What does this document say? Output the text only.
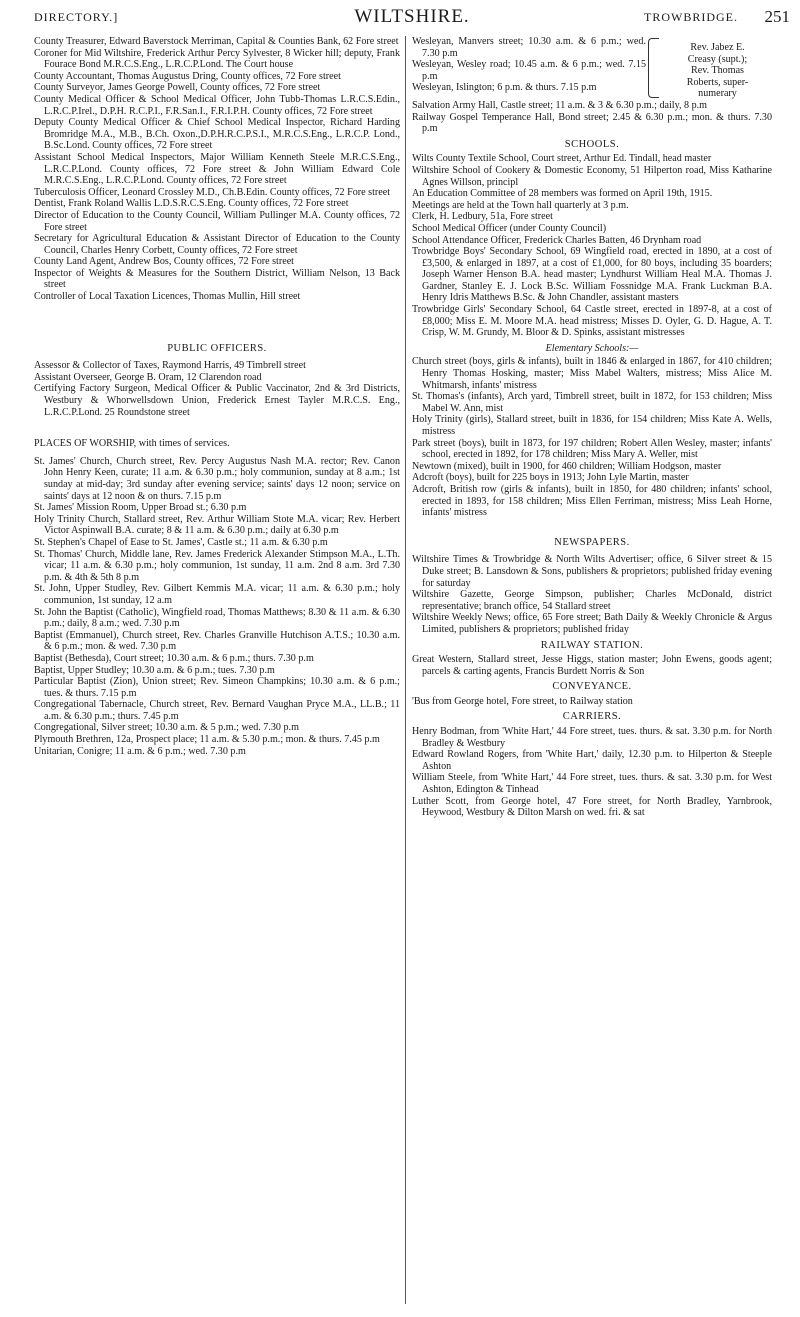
DIRECTORY.]	WILTSHIRE.	TROWBRIDGE. 251

County Treasurer, Edward Baverstock Merriman, Capital & Counties Bank, 62 Fore street

Coroner for Mid Wiltshire, Frederick Arthur Percy Sylvester, 8 Wicker hill; deputy, Frank Fourace Bond M.R.C.S.Eng., L.R.C.P.Lond. The Court house

County Accountant, Thomas Augustus Dring, County offices, 72 Fore street

County Surveyor, James George Powell, County offices, 72 Fore street

County Medical Officer & School Medical Officer, John Tubb-Thomas L.R.C.S.Edin., L.R.C.P.Irel., D.P.H. R.C.P.I., F.R.San.I., F.R.I.P.H. County offices, 72 Fore street

Deputy County Medical Officer & Chief School Medical Inspector, Richard Harding Bromridge M.A., M.B., B.Ch. Oxon.,D.P.H.R.C.P.S.I., M.R.C.S.Eng., L.R.C.P. Lond., B.Sc.Lond. County offices, 72 Fore street

Assistant School Medical Inspectors, Major William Kenneth Steele M.R.C.S.Eng., L.R.C.P.Lond. County offices, 72 Fore street & John William Edward Cole M.R.C.S.Eng., L.R.C.P.Lond. County offices, 72 Fore street

Tuberculosis Officer, Leonard Crossley M.D., Ch.B.Edin. County offices, 72 Fore street

Dentist, Frank Roland Wallis L.D.S.R.C.S.Eng. County offices, 72 Fore street

Director of Education to the County Council, William Pullinger M.A. County offices, 72 Fore street

Secretary for Agricultural Education & Assistant Director of Education to the County Council, Charles Henry Corbett, County offices, 72 Fore street

County Land Agent, Andrew Bos, County offices, 72 Fore street

Inspector of Weights & Measures for the Southern District, William Nelson, 13 Back street

Controller of Local Taxation Licences, Thomas Mullin, Hill street

PUBLIC OFFICERS.

Assessor & Collector of Taxes, Raymond Harris, 49 Timbrell street

Assistant Overseer, George B. Oram, 12 Clarendon road

Certifying Factory Surgeon, Medical Officer & Public Vaccinator, 2nd & 3rd Districts, Westbury & Whorwellsdown Union, Frederick Ernest Tayler M.R.C.S. Eng., L.R.C.P.Lond. 25 Roundstone street

PLACES OF WORSHIP, with times of services.

St. James' Church, Church street, Rev. Percy Augustus Nash M.A. rector; Rev. Canon John Henry Keen, curate; 11 a.m. & 6.30 p.m.; holy communion, sunday at 8 a.m.; 1st sunday at mid-day; 3rd sunday after evening service; saints' days 12 noon; service on saints' days at 12 noon & on thurs. 7.15 p.m

St. James' Mission Room, Upper Broad st.; 6.30 p.m

Holy Trinity Church, Stallard street, Rev. Arthur William Stote M.A. vicar; Rev. Herbert Victor Aspinwall B.A. curate; 8 & 11 a.m. & 6.30 p.m.; daily at 6.30 p.m

St. Stephen's Chapel of Ease to St. James', Castle st.; 11 a.m. & 6.30 p.m

St. Thomas' Church, Middle lane, Rev. James Frederick Alexander Stimpson M.A., L.Th. vicar; 11 a.m. & 6.30 p.m.; holy communion, 1st sunday, 11 a.m. 2nd 8 a.m. 3rd 7.30 p.m. & 4th & 5th 8 p.m

St. John, Upper Studley, Rev. Gilbert Kemmis M.A. vicar; 11 a.m. & 6.30 p.m.; holy communion, 1st sunday, 12 a.m

St. John the Baptist (Catholic), Wingfield road, Thomas Matthews; 8.30 & 11 a.m. & 6.30 p.m.; daily, 8 a.m.; wed. 7.30 p.m

Baptist (Emmanuel), Church street, Rev. Charles Granville Hutchison A.T.S.; 10.30 a.m. & 6 p.m.; mon. & wed. 7.30 p.m

Baptist (Bethesda), Court street; 10.30 a.m. & 6 p.m.; thurs. 7.30 p.m

Baptist, Upper Studley; 10.30 a.m. & 6 p.m.; tues. 7.30 p.m

Particular Baptist (Zion), Union street; Rev. Simeon Champkins; 10.30 a.m. & 6 p.m.; tues. & thurs. 7.15 p.m

Congregational Tabernacle, Church street, Rev. Bernard Vaughan Pryce M.A., LL.B.; 11 a.m. & 6.30 p.m.; thurs. 7.45 p.m

Congregational, Silver street; 10.30 a.m. & 5 p.m.; wed. 7.30 p.m

Plymouth Brethren, 12a, Prospect place; 11 a.m. & 5.30 p.m.; mon. & thurs. 7.45 p.m

Unitarian, Conigre; 11 a.m. & 6 p.m.; wed. 7.30 p.m

Wesleyan, Manvers street; 10.30 a.m. & 6 p.m.; wed. 7.30 p.m

Wesleyan, Wesley road; 10.45 a.m. & 6 p.m.; wed. 7.15 p.m

Wesleyan, Islington; 6 p.m. & thurs. 7.15 p.m

Rev. Jabez E.
Creasy (supt.);
Rev. Thomas
Roberts, super-
numerary

Salvation Army Hall, Castle street; 11 a.m. & 3 & 6.30 p.m.; daily, 8 p.m

Railway Gospel Temperance Hall, Bond street; 2.45 & 6.30 p.m.; mon. & thurs. 7.30 p.m

SCHOOLS.

Wilts County Textile School, Court street, Arthur Ed. Tindall, head master

Wiltshire School of Cookery & Domestic Economy, 51 Hilperton road, Miss Katharine Agnes Willson, principl

An Education Committee of 28 members was formed on April 19th, 1915.

Meetings are held at the Town hall quarterly at 3 p.m.

Clerk, H. Ledbury, 51a, Fore street

School Medical Officer (under County Council)

School Attendance Officer, Frederick Charles Batten, 46 Drynham road

Trowbridge Boys' Secondary School, 69 Wingfield road, erected in 1890, at a cost of £3,500, & enlarged in 1897, at a cost of £1,000, for 80 boys, including 35 boarders; Joseph Warner Henson B.A. head master; Lyndhurst William Heal M.A. Thomas J. Gardner, Stanley E. J. Lock B.Sc. William Fossnidge M.A. Frank Luckman B.A. Henry Idris Matthews B.Sc. & John Chandler, assistant masters

Trowbridge Girls' Secondary School, 64 Castle street, erected in 1897-8, at a cost of £8,000; Miss E. M. Moore M.A. head mistress; Misses D. Oyler, G. D. Hague, A. T. Crisp, W. M. Grundy, M. Bloor & D. Spinks, assistant mistresses

Elementary Schools:—

Church street (boys, girls & infants), built in 1846 & enlarged in 1867, for 410 children; Henry Thomas Hosking, master; Miss Mabel Walters, mistress; Miss Alice M. Whitmarsh, infants' mistress

St. Thomas's (infants), Arch yard, Timbrell street, built in 1872, for 153 children; Miss Mabel W. Ann, mist

Holy Trinity (girls), Stallard street, built in 1836, for 154 children; Miss Kate A. Wells, mistress

Park street (boys), built in 1873, for 197 children; Robert Allen Wesley, master; infants' school, erected in 1892, for 178 children; Miss Mary A. Weller, mist

Newtown (mixed), built in 1900, for 460 children; William Hodgson, master

Adcroft (boys), built for 225 boys in 1913; John Lyle Martin, master

Adcroft, British row (girls & infants), built in 1850, for 480 children; infants' school, erected in 1893, for 158 children; Miss Ellen Ferriman, mistress; Miss Leah Horne, infants' mistress

NEWSPAPERS.

Wiltshire Times & Trowbridge & North Wilts Advertiser; office, 6 Silver street & 15 Duke street; B. Lansdown & Sons, publishers & proprietors; published friday evening for saturday

Wiltshire Gazette, George Simpson, publisher; Charles McDonald, district representative; branch office, 54 Stallard street

Wiltshire Weekly News; office, 65 Fore street; Bath Daily & Weekly Chronicle & Argus Limited, publishers & proprietors; published friday

RAILWAY STATION.

Great Western, Stallard street, Jesse Higgs, station master; John Ewens, goods agent; parcels & carting agents, Francis Burdett Norris & Son

CONVEYANCE.

'Bus from George hotel, Fore street, to Railway station

CARRIERS.

Henry Bodman, from 'White Hart,' 44 Fore street, tues. thurs. & sat. 3.30 p.m. for North Bradley & Westbury

Edward Rowland Rogers, from 'White Hart,' daily, 12.30 p.m. to Hilperton & Steeple Ashton

William Steele, from 'White Hart,' 44 Fore street, tues. thurs. & sat. 3.30 p.m. for West Ashton, Edington & Tinhead

Luther Scott, from George hotel, 47 Fore street, for North Bradley, Yarnbrook, Heywood, Westbury & Dilton Marsh on wed. fri. & sat
